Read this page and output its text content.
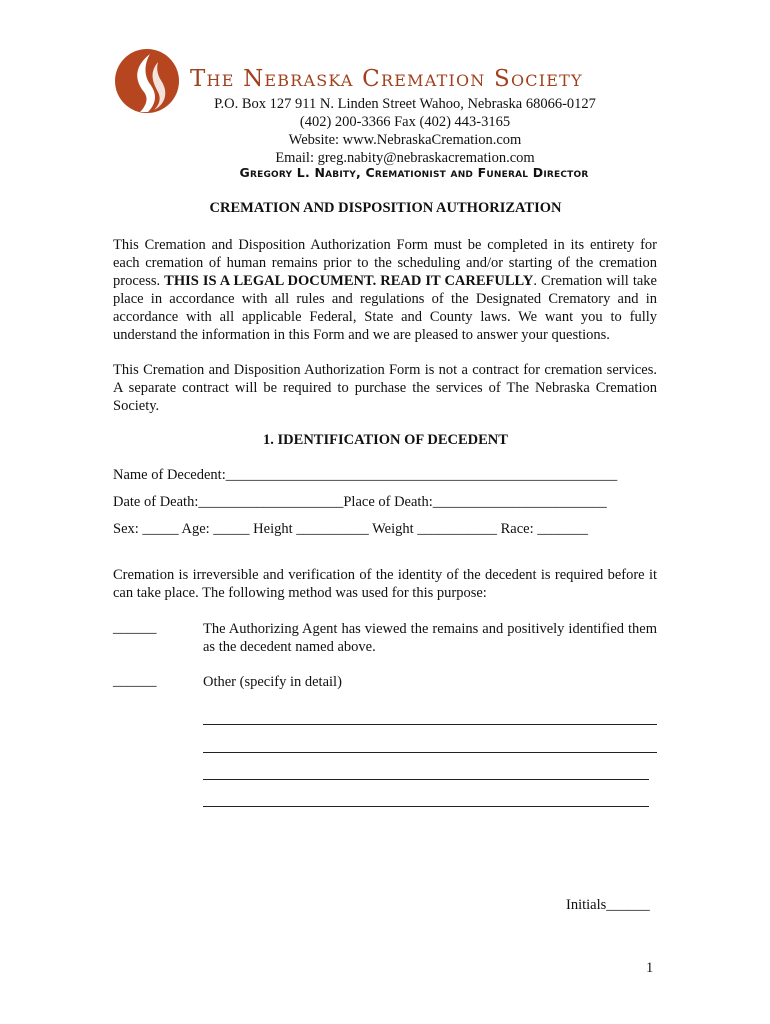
The Nebraska Cremation Society
P.O. Box 127 911 N. Linden Street Wahoo, Nebraska 68066-0127
(402) 200-3366 Fax (402) 443-3165
Website: www.NebraskaCremation.com
Email: greg.nabity@nebraskacremation.com
Gregory L. Nabity, Cremationist and Funeral Director
CREMATION AND DISPOSITION AUTHORIZATION
This Cremation and Disposition Authorization Form must be completed in its entirety for each cremation of human remains prior to the scheduling and/or starting of the cremation process. THIS IS A LEGAL DOCUMENT. READ IT CAREFULLY. Cremation will take place in accordance with all rules and regulations of the Designated Crematory and in accordance with all applicable Federal, State and County laws. We want you to fully understand the information in this Form and we are pleased to answer your questions.
This Cremation and Disposition Authorization Form is not a contract for cremation services. A separate contract will be required to purchase the services of The Nebraska Cremation Society.
1. IDENTIFICATION OF DECEDENT
Name of Decedent:______________________________________________________
Date of Death:____________________Place of Death:________________________
Sex: _____ Age: _____ Height __________ Weight ___________ Race: _______
Cremation is irreversible and verification of the identity of the decedent is required before it can take place. The following method was used for this purpose:
______	The Authorizing Agent has viewed the remains and positively identified them as the decedent named above.
______	Other (specify in detail)
Initials______
1
